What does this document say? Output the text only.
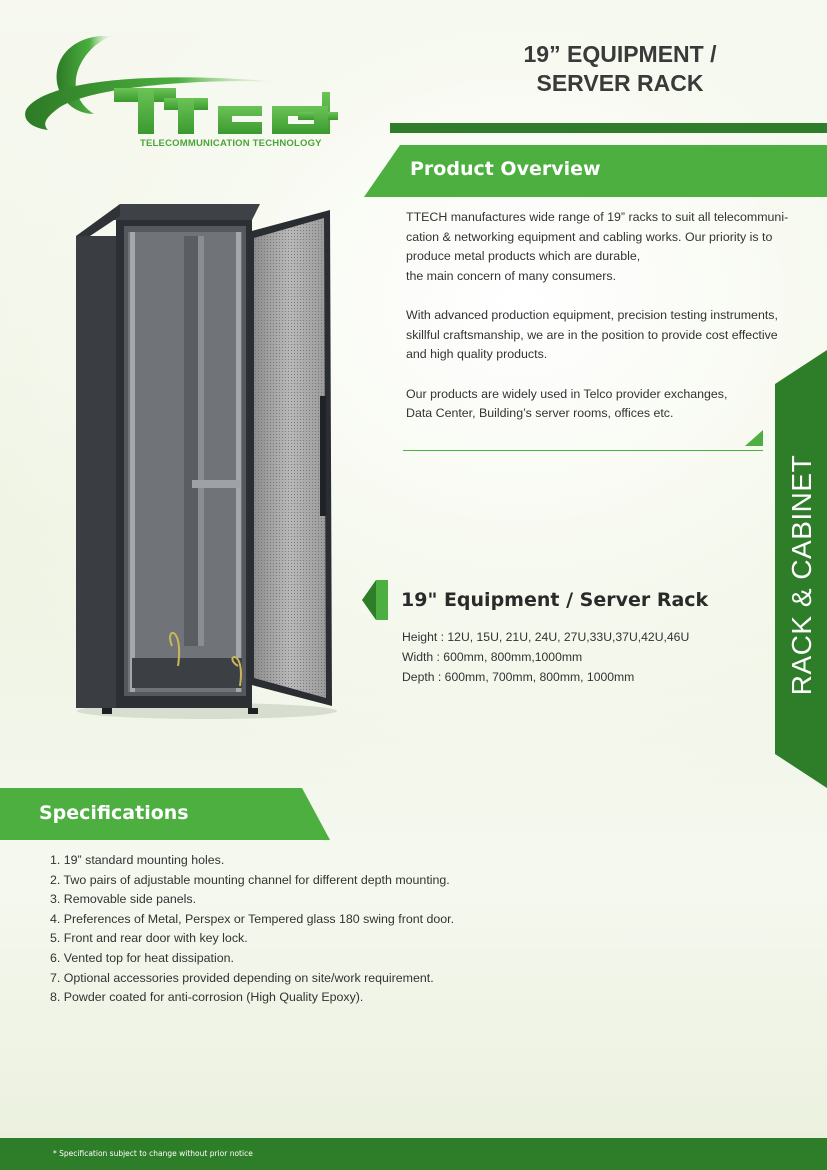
TELECOMMUNICATION TECHNOLOGY
19” EQUIPMENT /
SERVER RACK
Product Overview

TTECH manufactures wide range of 19” racks to suit all telecommuni-
cation & networking equipment and cabling works. Our priority is to
produce metal products which are durable,
the main concern of many consumers.

With advanced production equipment, precision testing instruments,
skillful craftsmanship, we are in the position to provide cost effective
and high quality products.

Our products are widely used in Telco provider exchanges,
Data Center, Building’s server rooms, offices etc.

RACK & CABINET
19" Equipment / Server Rack
Height : 12U, 15U, 21U, 24U, 27U,33U,37U,42U,46U
Width : 600mm, 800mm,1000mm
Depth : 600mm, 700mm, 800mm, 1000mm
Specifications
1. 19” standard mounting holes.
2. Two pairs of adjustable mounting channel for different depth mounting.
3. Removable side panels.
4. Preferences of Metal, Perspex or Tempered glass 180 swing front door.
5. Front and rear door with key lock.
6. Vented top for heat dissipation.
7. Optional accessories provided depending on site/work requirement.
8. Powder coated for anti-corrosion (High Quality Epoxy).
* Specification subject to change without prior notice
